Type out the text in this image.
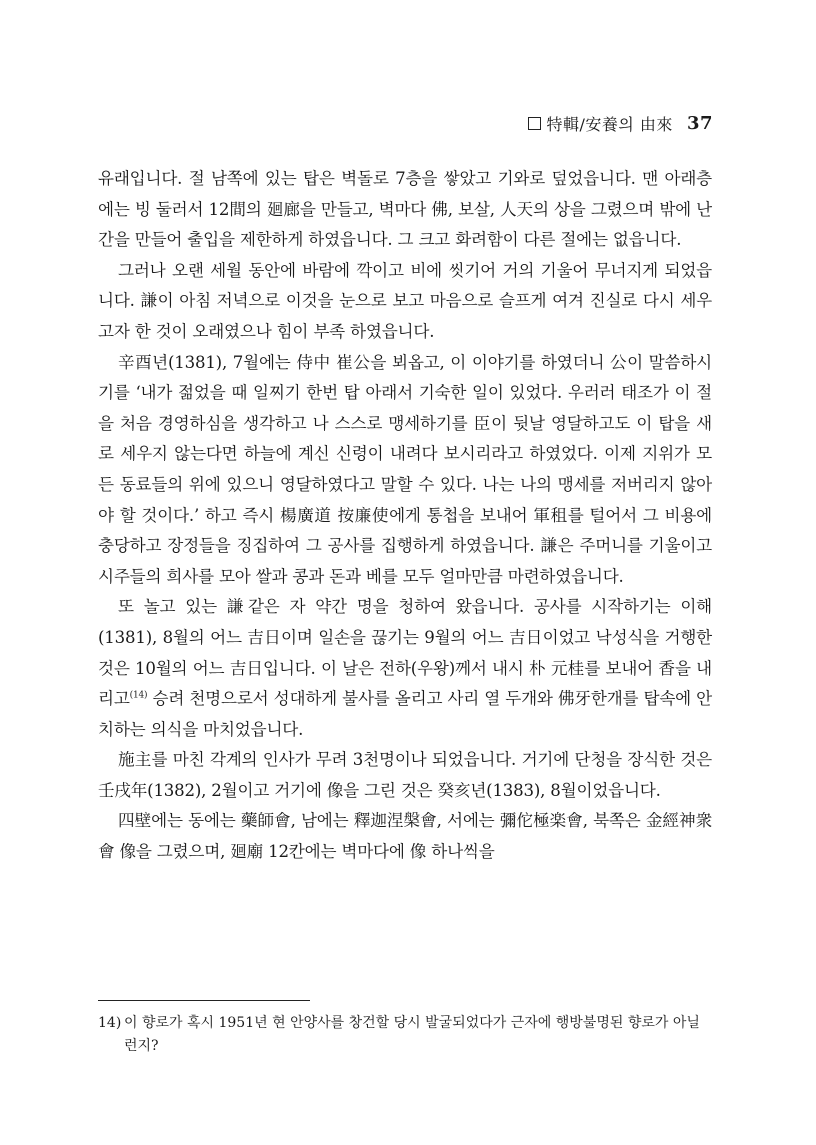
特輯/安養의 由來 37

유래입니다. 절 남쪽에 있는 탑은 벽돌로 7층을 쌓았고 기와로 덮었읍니다. 맨 아래층에는 빙 둘러서 12間의 廻廊을 만들고, 벽마다 佛, 보살, 人天의 상을 그렸으며 밖에 난간을 만들어 출입을 제한하게 하였읍니다. 그 크고 화려함이 다른 절에는 없읍니다.

그러나 오랜 세월 동안에 바람에 깍이고 비에 씻기어 거의 기울어 무너지게 되었읍니다. 謙이 아침 저녁으로 이것을 눈으로 보고 마음으로 슬프게 여겨 진실로 다시 세우고자 한 것이 오래였으나 힘이 부족 하였읍니다.

辛酉년(1381), 7월에는 侍中 崔公을 뵈옵고, 이 이야기를 하였더니 公이 말씀하시기를 ‘내가 젊었을 때 일찌기 한번 탑 아래서 기숙한 일이 있었다. 우러러 태조가 이 절을 처음 경영하심을 생각하고 나 스스로 맹세하기를 臣이 뒷날 영달하고도 이 탑을 새로 세우지 않는다면 하늘에 계신 신령이 내려다 보시리라고 하였었다. 이제 지위가 모든 동료들의 위에 있으니 영달하였다고 말할 수 있다. 나는 나의 맹세를 저버리지 않아야 할 것이다.’ 하고 즉시 楊廣道 按廉使에게 통첩을 보내어 軍租를 털어서 그 비용에 충당하고 장정들을 징집하여 그 공사를 집행하게 하였읍니다. 謙은 주머니를 기울이고 시주들의 희사를 모아 쌀과 콩과 돈과 베를 모두 얼마만큼 마련하였읍니다.

또 놀고 있는 謙같은 자 약간 명을 청하여 왔읍니다. 공사를 시작하기는 이해(1381), 8월의 어느 吉日이며 일손을 끊기는 9월의 어느 吉日이었고 낙성식을 거행한 것은 10월의 어느 吉日입니다. 이 날은 전하(우왕)께서 내시 朴 元桂를 보내어 香을 내리고$^{(14)}$ 승려 천명으로서 성대하게 불사를 올리고 사리 열 두개와 佛牙한개를 탑속에 안치하는 의식을 마치었읍니다.

施主를 마친 각계의 인사가 무려 3천명이나 되었읍니다. 거기에 단청을 장식한 것은 壬戌年(1382), 2월이고 거기에 像을 그린 것은 癸亥년(1383), 8월이었읍니다.

四壁에는 동에는 藥師會, 남에는 釋迦涅槃會, 서에는 彌佗極楽會, 북쪽은 金經神衆會 像을 그렸으며, 廻廟 12칸에는 벽마다에 像 하나씩을

14) 이 향로가 혹시 1951년 현 안양사를 창건할 당시 발굴되었다가 근자에 행방불명된 향로가 아닐런지?
